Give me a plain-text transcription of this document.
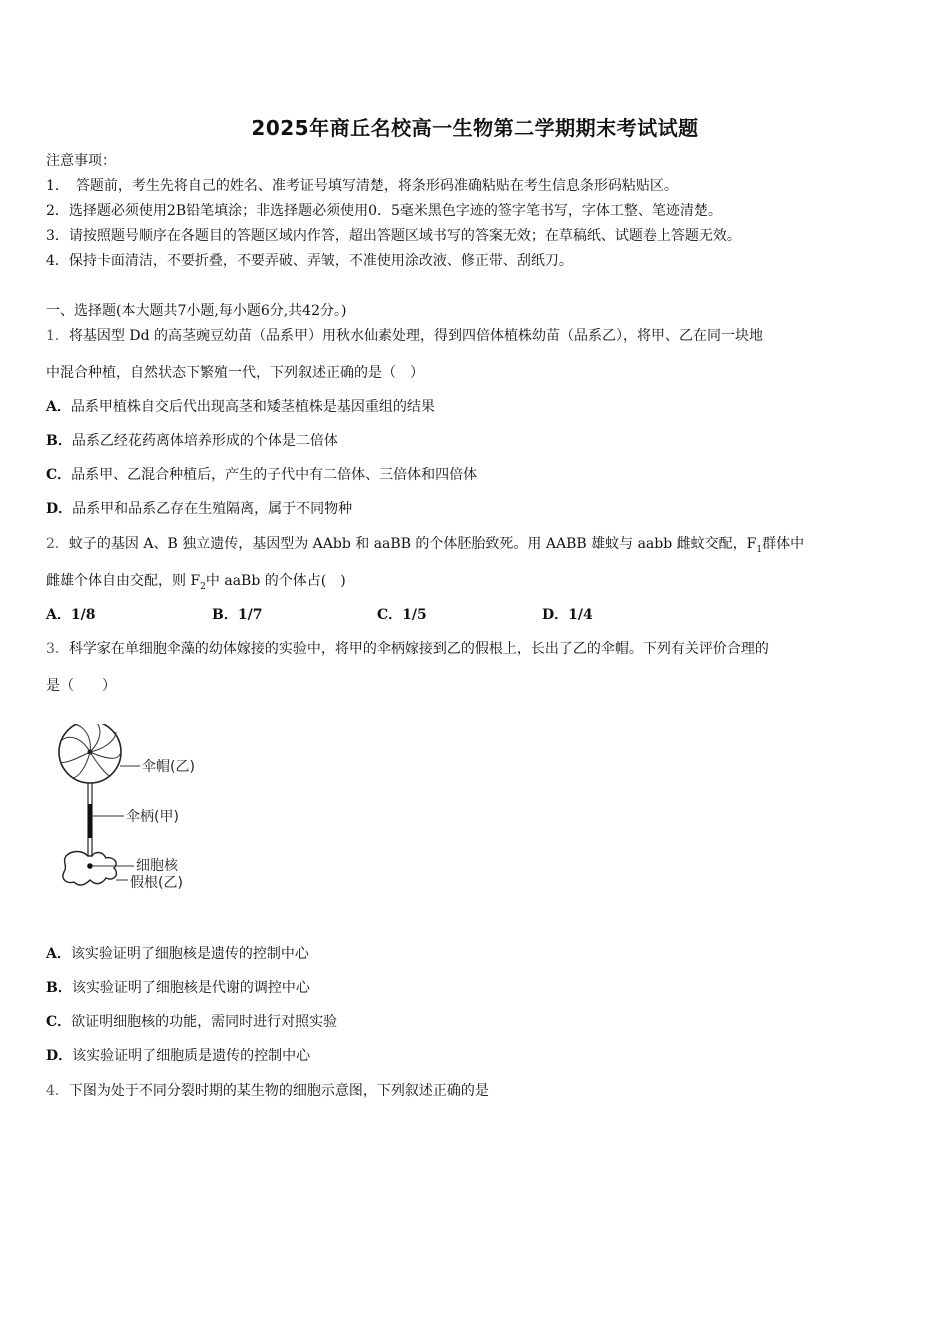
2025年商丘名校高一生物第二学期期末考试试题
注意事项：
1．　答题前，考生先将自己的姓名、准考证号填写清楚，将条形码准确粘贴在考生信息条形码粘贴区。
2．选择题必须使用2B铅笔填涂；非选择题必须使用0．5毫米黑色字迹的签字笔书写，字体工整、笔迹清楚。
3．请按照题号顺序在各题目的答题区域内作答，超出答题区域书写的答案无效；在草稿纸、试题卷上答题无效。
4．保持卡面清洁，不要折叠，不要弄破、弄皱，不准使用涂改液、修正带、刮纸刀。
一、选择题(本大题共7小题,每小题6分,共42分。)
1．将基因型 Dd 的高茎豌豆幼苗（品系甲）用秋水仙素处理，得到四倍体植株幼苗（品系乙），将甲、乙在同一块地
中混合种植，自然状态下繁殖一代，下列叙述正确的是（　）
A．品系甲植株自交后代出现高茎和矮茎植株是基因重组的结果
B．品系乙经花药离体培养形成的个体是二倍体
C．品系甲、乙混合种植后，产生的子代中有二倍体、三倍体和四倍体
D．品系甲和品系乙存在生殖隔离，属于不同物种
2．蚊子的基因 A、B 独立遗传，基因型为 AAbb 和 aaBB 的个体胚胎致死。用 AABB 雄蚊与 aabb 雌蚊交配，$F_1$群体中
雌雄个体自由交配，则 $F_2$中 aaBb 的个体占(　)
A．1/8	B．1/7	C．1/5	D．1/4
3．科学家在单细胞伞藻的幼体嫁接的实验中，将甲的伞柄嫁接到乙的假根上，长出了乙的伞帽。下列有关评价合理的
是（　　）
伞帽(乙)
伞柄(甲)
细胞核
假根(乙)
A．该实验证明了细胞核是遗传的控制中心
B．该实验证明了细胞核是代谢的调控中心
C．欲证明细胞核的功能，需同时进行对照实验
D．该实验证明了细胞质是遗传的控制中心
4．下图为处于不同分裂时期的某生物的细胞示意图，下列叙述正确的是
